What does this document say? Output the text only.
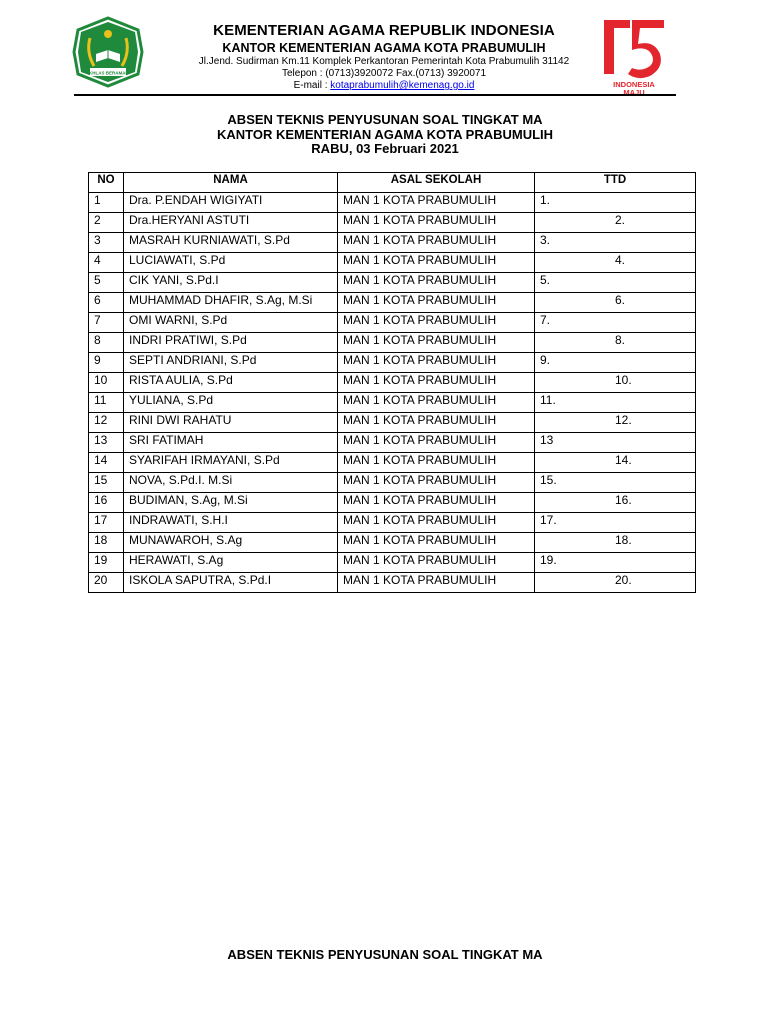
IKHLAS BERAMAL
KEMENTERIAN AGAMA REPUBLIK INDONESIA
KANTOR KEMENTERIAN AGAMA KOTA PRABUMULIH
Jl.Jend. Sudirman Km.11 Komplek Perkantoran Pemerintah Kota Prabumulih 31142
Telepon : (0713)3920072 Fax.(0713) 3920071
E-mail : kotaprabumulih@kemenag.go.id	INDONESIA
MAJU
ABSEN TEKNIS PENYUSUNAN SOAL TINGKAT MA
KANTOR KEMENTERIAN AGAMA KOTA PRABUMULIH
RABU, 03 Februari 2021
NO	NAMA	ASAL SEKOLAH	TTD
1	Dra. P.ENDAH WIGIYATI	MAN 1 KOTA PRABUMULIH	1.
2	Dra.HERYANI ASTUTI	MAN 1 KOTA PRABUMULIH	2.
3	MASRAH KURNIAWATI, S.Pd	MAN 1 KOTA PRABUMULIH	3.
4	LUCIAWATI, S.Pd	MAN 1 KOTA PRABUMULIH	4.
5	CIK YANI, S.Pd.I	MAN 1 KOTA PRABUMULIH	5.
6	MUHAMMAD DHAFIR, S.Ag, M.Si	MAN 1 KOTA PRABUMULIH	6.
7	OMI WARNI, S.Pd	MAN 1 KOTA PRABUMULIH	7.
8	INDRI PRATIWI, S.Pd	MAN 1 KOTA PRABUMULIH	8.
9	SEPTI ANDRIANI, S.Pd	MAN 1 KOTA PRABUMULIH	9.
10	RISTA AULIA, S.Pd	MAN 1 KOTA PRABUMULIH	10.
11	YULIANA, S.Pd	MAN 1 KOTA PRABUMULIH	11.
12	RINI DWI RAHATU	MAN 1 KOTA PRABUMULIH	12.
13	SRI FATIMAH	MAN 1 KOTA PRABUMULIH	13
14	SYARIFAH IRMAYANI, S.Pd	MAN 1 KOTA PRABUMULIH	14.
15	NOVA, S.Pd.I. M.Si	MAN 1 KOTA PRABUMULIH	15.
16	BUDIMAN, S.Ag, M.Si	MAN 1 KOTA PRABUMULIH	16.
17	INDRAWATI, S.H.I	MAN 1 KOTA PRABUMULIH	17.
18	MUNAWAROH, S.Ag	MAN 1 KOTA PRABUMULIH	18.
19	HERAWATI, S.Ag	MAN 1 KOTA PRABUMULIH	19.
20	ISKOLA SAPUTRA, S.Pd.I	MAN 1 KOTA PRABUMULIH	20.
ABSEN TEKNIS PENYUSUNAN SOAL TINGKAT MA
